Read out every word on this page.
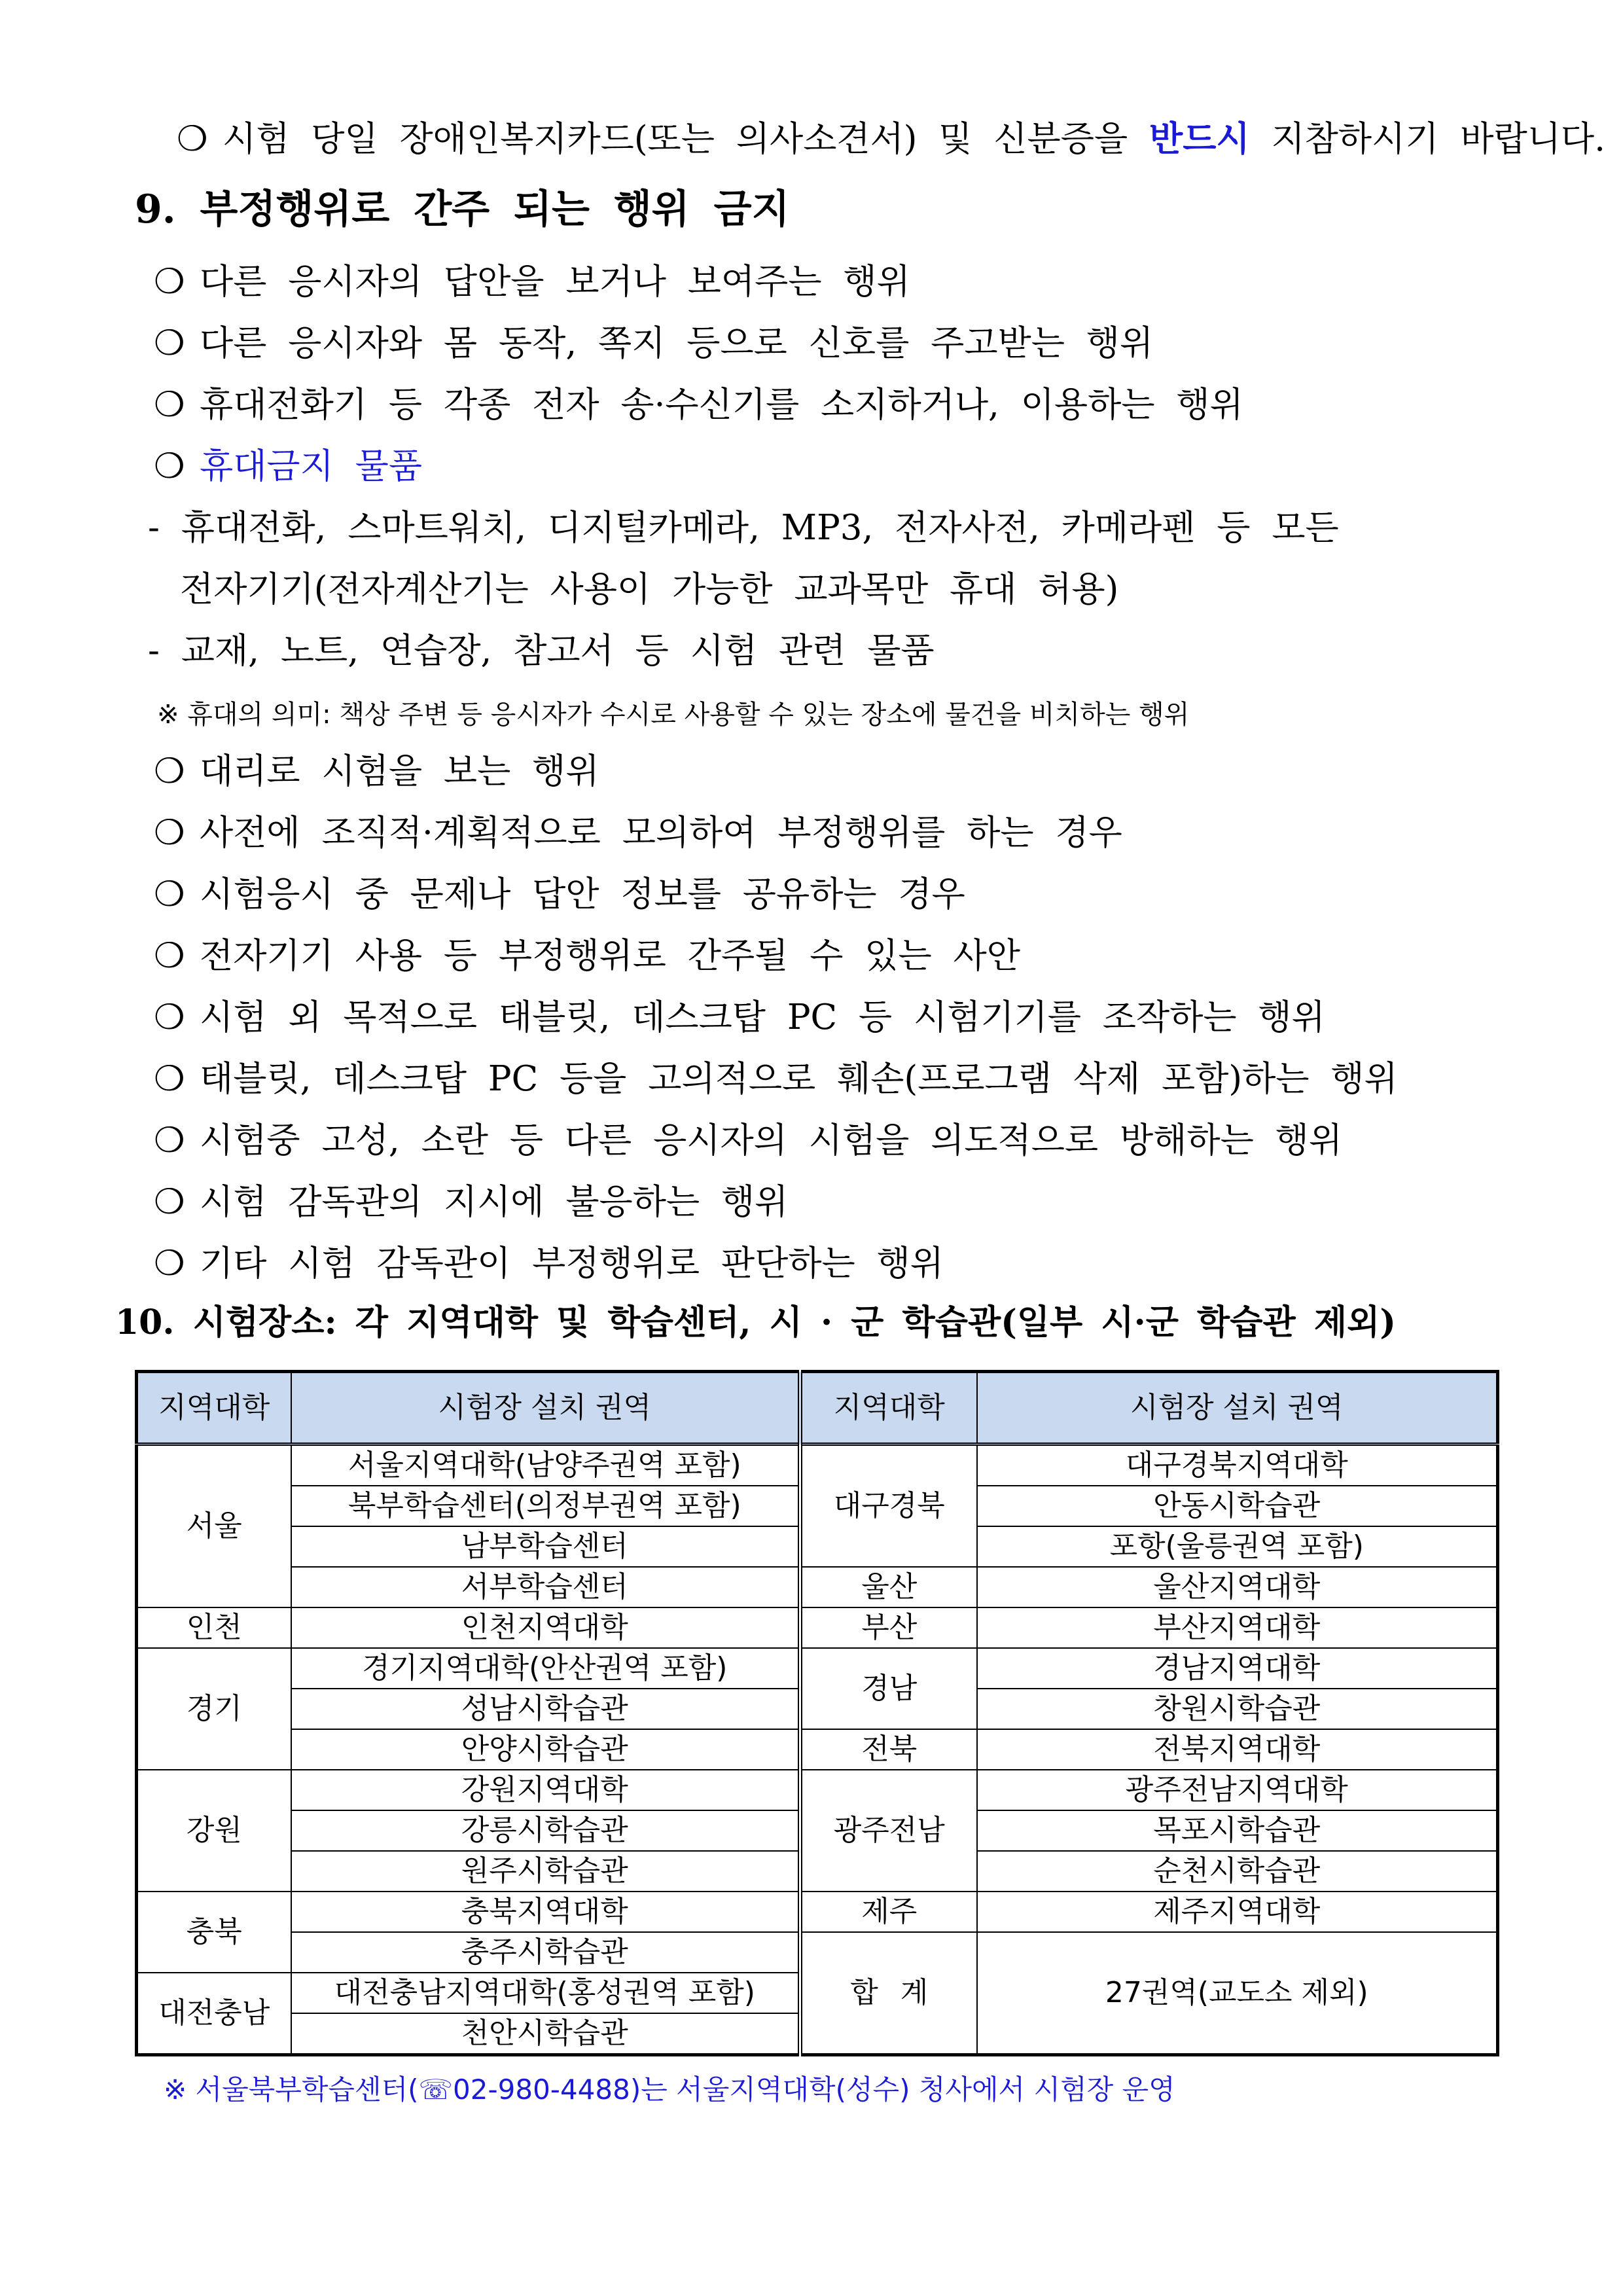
❍ 시험 당일 장애인복지카드(또는 의사소견서) 및 신분증을 반드시 지참하시기 바랍니다.
9. 부정행위로 간주 되는 행위 금지
❍ 다른 응시자의 답안을 보거나 보여주는 행위
❍ 다른 응시자와 몸 동작, 쪽지 등으로 신호를 주고받는 행위
❍ 휴대전화기 등 각종 전자 송·수신기를 소지하거나, 이용하는 행위
❍ 휴대금지 물품
- 휴대전화, 스마트워치, 디지털카메라, MP3, 전자사전, 카메라펜 등 모든
전자기기(전자계산기는 사용이 가능한 교과목만 휴대 허용)
- 교재, 노트, 연습장, 참고서 등 시험 관련 물품
※ 휴대의 의미: 책상 주변 등 응시자가 수시로 사용할 수 있는 장소에 물건을 비치하는 행위
❍ 대리로 시험을 보는 행위
❍ 사전에 조직적·계획적으로 모의하여 부정행위를 하는 경우
❍ 시험응시 중 문제나 답안 정보를 공유하는 경우
❍ 전자기기 사용 등 부정행위로 간주될 수 있는 사안
❍ 시험 외 목적으로 태블릿, 데스크탑 PC 등 시험기기를 조작하는 행위
❍ 태블릿, 데스크탑 PC 등을 고의적으로 훼손(프로그램 삭제 포함)하는 행위
❍ 시험중 고성, 소란 등 다른 응시자의 시험을 의도적으로 방해하는 행위
❍ 시험 감독관의 지시에 불응하는 행위
❍ 기타 시험 감독관이 부정행위로 판단하는 행위
10. 시험장소: 각 지역대학 및 학습센터, 시 · 군 학습관(일부 시·군 학습관 제외)
지역대학	시험장 설치 권역	지역대학	시험장 설치 권역
서울	서울지역대학(남양주권역 포함)	대구경북	대구경북지역대학
	북부학습센터(의정부권역 포함)		안동시학습관
	남부학습센터		포항(울릉권역 포함)
	서부학습센터	울산	울산지역대학
인천	인천지역대학	부산	부산지역대학
경기	경기지역대학(안산권역 포함)	경남	경남지역대학
	성남시학습관		창원시학습관
	안양시학습관	전북	전북지역대학
강원	강원지역대학	광주전남	광주전남지역대학
	강릉시학습관		목포시학습관
	원주시학습관		순천시학습관
충북	충북지역대학	제주	제주지역대학
	충주시학습관	합 계	27권역(교도소 제외)
대전충남	대전충남지역대학(홍성권역 포함)		
	천안시학습관		
※ 서울북부학습센터(☏02-980-4488)는 서울지역대학(성수) 청사에서 시험장 운영
